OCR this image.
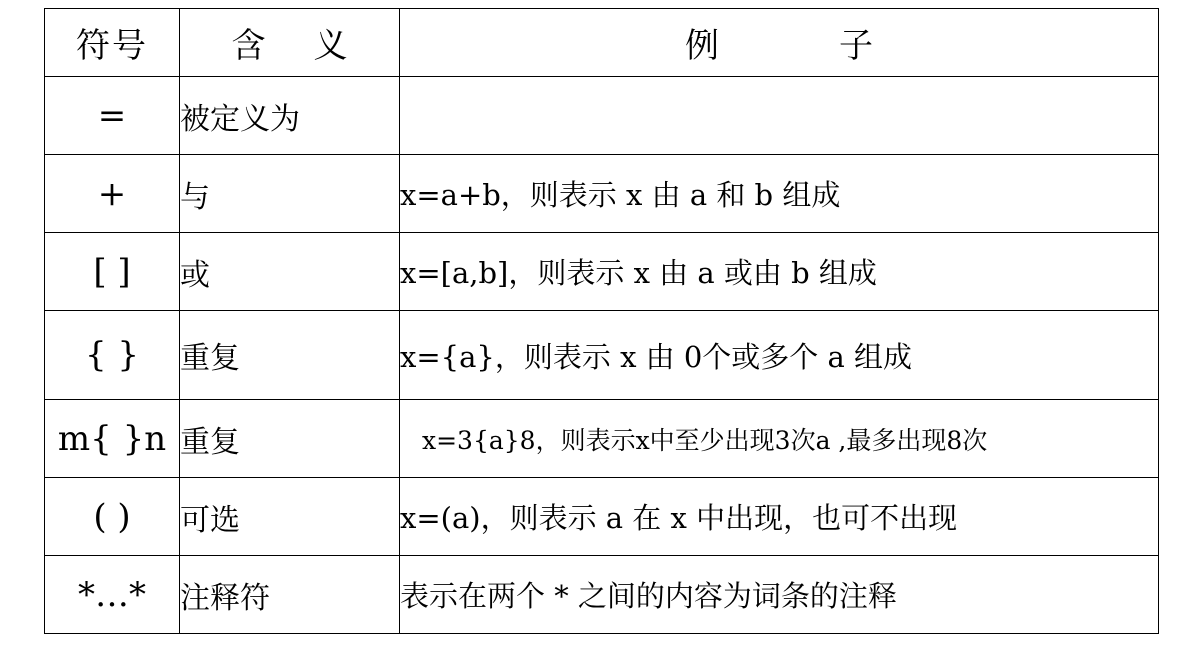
符号	含 义	例 子
=	被定义为	
+	与	x=a+b，则表示 x 由 a 和 b 组成
[ ]	或	x=[a,b]，则表示 x 由 a 或由 b 组成
{ }	重复	x={a}，则表示 x 由 0个或多个 a 组成
m{ }n	重复	x=3{a}8，则表示x中至少出现3次a ,最多出现8次
( )	可选	x=(a)，则表示 a 在 x 中出现，也可不出现
*…*	注释符	表示在两个 * 之间的内容为词条的注释
